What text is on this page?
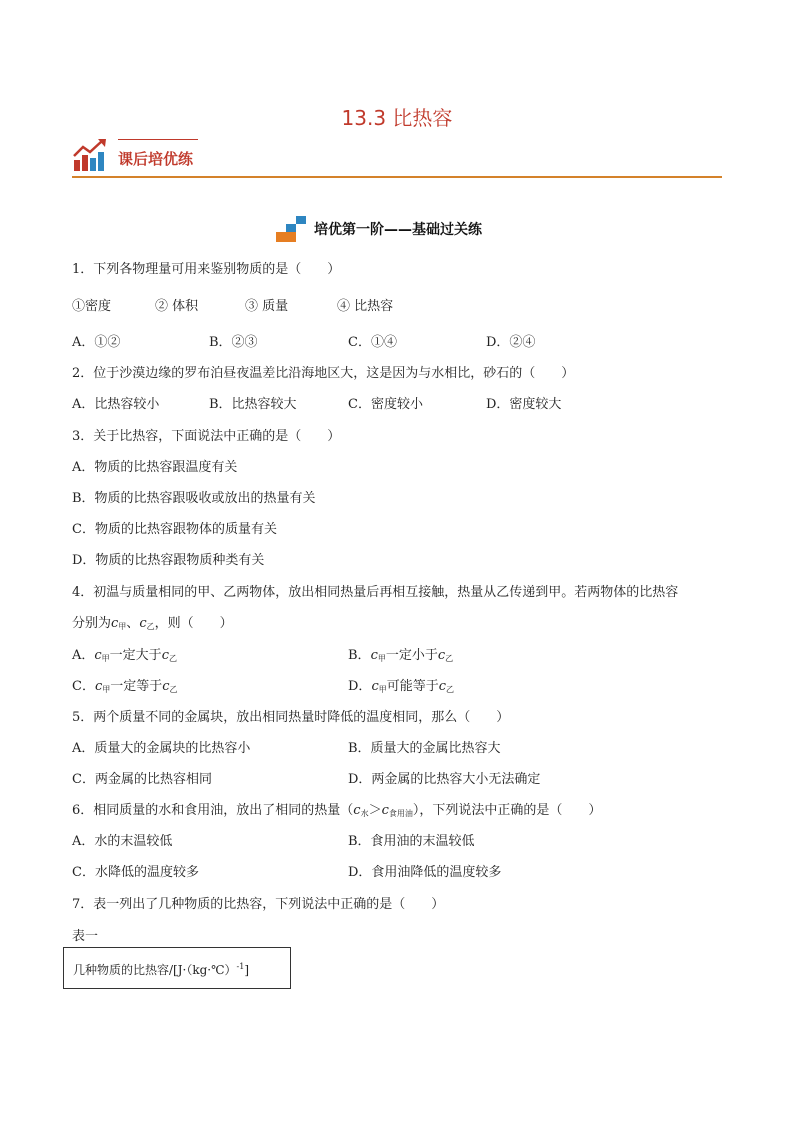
13.3 比热容
课后培优练
培优第一阶——基础过关练
1．下列各物理量可用来鉴别物质的是（　　）
①密度	② 体积	③ 质量	④ 比热容
A．①②	B．②③	C．①④	D．②④
2．位于沙漠边缘的罗布泊昼夜温差比沿海地区大，这是因为与水相比，砂石的（　　）
A．比热容较小	B．比热容较大	C．密度较小	D．密度较大
3．关于比热容，下面说法中正确的是（　　）
A．物质的比热容跟温度有关
B．物质的比热容跟吸收或放出的热量有关
C．物质的比热容跟物体的质量有关
D．物质的比热容跟物质种类有关
4．初温与质量相同的甲、乙两物体，放出相同热量后再相互接触，热量从乙传递到甲。若两物体的比热容
分别为$c_甲$、$c_乙$，则（　　）
A．$c_甲$一定大于$c_乙$	B．$c_甲$一定小于$c_乙$
C．$c_甲$一定等于$c_乙$	D．$c_甲$可能等于$c_乙$
5．两个质量不同的金属块，放出相同热量时降低的温度相同，那么（　　）
A．质量大的金属块的比热容小	B．质量大的金属比热容大
C．两金属的比热容相同	D．两金属的比热容大小无法确定
6．相同质量的水和食用油，放出了相同的热量$(c_水>c_{食用油})$，下列说法中正确的是（　　）
A．水的末温较低	B．食用油的末温较低
C．水降低的温度较多	D．食用油降低的温度较多
7．表一列出了几种物质的比热容，下列说法中正确的是（　　）
表一
几种物质的比热容/[J·（kg·℃）$^{-1}$]
